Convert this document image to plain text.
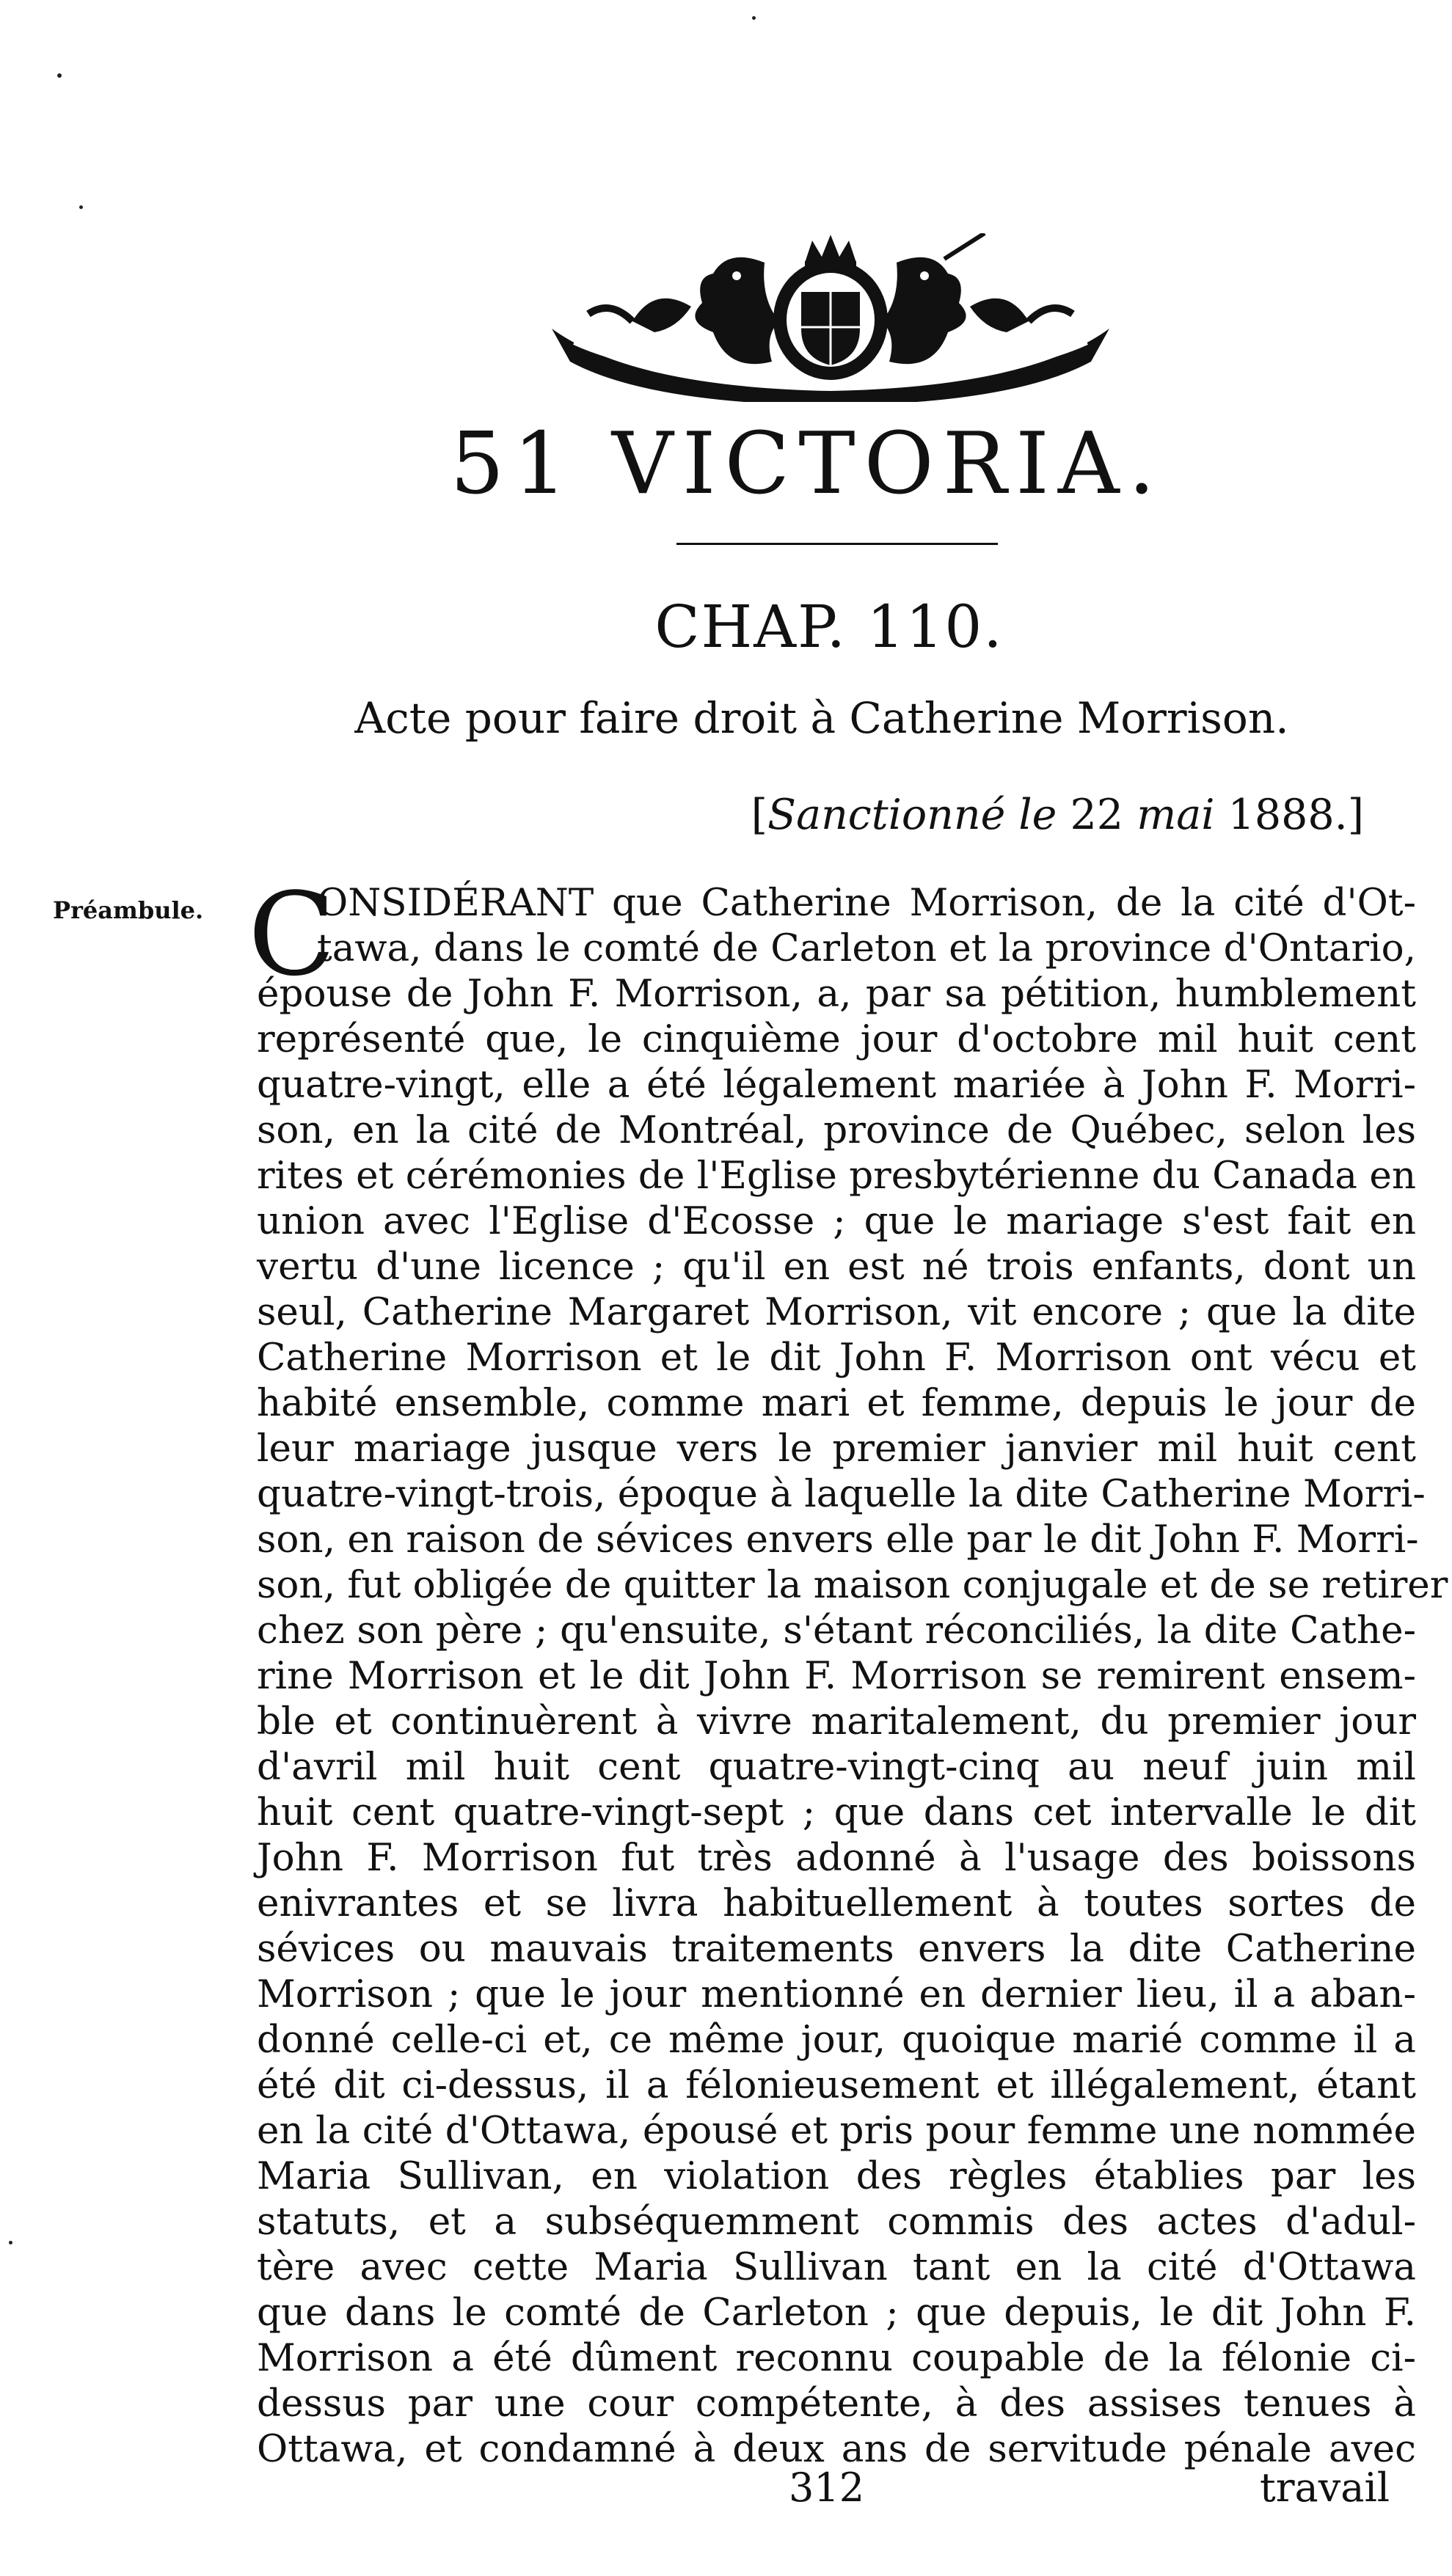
51 VICTORIA.
CHAP. 110.
Acte pour faire droit à Catherine Morrison.
[Sanctionné le 22 mai 1888.]
Préambule. C
ONSIDÉRANT que Catherine Morrison, de la cité d'Ot-
tawa, dans le comté de Carleton et la province d'Ontario,
épouse de John F. Morrison, a, par sa pétition, humblement
représenté que, le cinquième jour d'octobre mil huit cent
quatre-vingt, elle a été légalement mariée à John F. Morri-
son, en la cité de Montréal, province de Québec, selon les
rites et cérémonies de l'Eglise presbytérienne du Canada en
union avec l'Eglise d'Ecosse ; que le mariage s'est fait en
vertu d'une licence ; qu'il en est né trois enfants, dont un
seul, Catherine Margaret Morrison, vit encore ; que la dite
Catherine Morrison et le dit John F. Morrison ont vécu et
habité ensemble, comme mari et femme, depuis le jour de
leur mariage jusque vers le premier janvier mil huit cent
quatre-vingt-trois, époque à laquelle la dite Catherine Morri-
son, en raison de sévices envers elle par le dit John F. Morri-
son, fut obligée de quitter la maison conjugale et de se retirer
chez son père ; qu'ensuite, s'étant réconciliés, la dite Cathe-
rine Morrison et le dit John F. Morrison se remirent ensem-
ble et continuèrent à vivre maritalement, du premier jour
d'avril mil huit cent quatre-vingt-cinq au neuf juin mil
huit cent quatre-vingt-sept ; que dans cet intervalle le dit
John F. Morrison fut très adonné à l'usage des boissons
enivrantes et se livra habituellement à toutes sortes de
sévices ou mauvais traitements envers la dite Catherine
Morrison ; que le jour mentionné en dernier lieu, il a aban-
donné celle-ci et, ce même jour, quoique marié comme il a
été dit ci-dessus, il a félonieusement et illégalement, étant
en la cité d'Ottawa, épousé et pris pour femme une nommée
Maria Sullivan, en violation des règles établies par les
statuts, et a subséquemment commis des actes d'adul-
tère avec cette Maria Sullivan tant en la cité d'Ottawa
que dans le comté de Carleton ; que depuis, le dit John F.
Morrison a été dûment reconnu coupable de la félonie ci-
dessus par une cour compétente, à des assises tenues à
Ottawa, et condamné à deux ans de servitude pénale avec
312	travail
